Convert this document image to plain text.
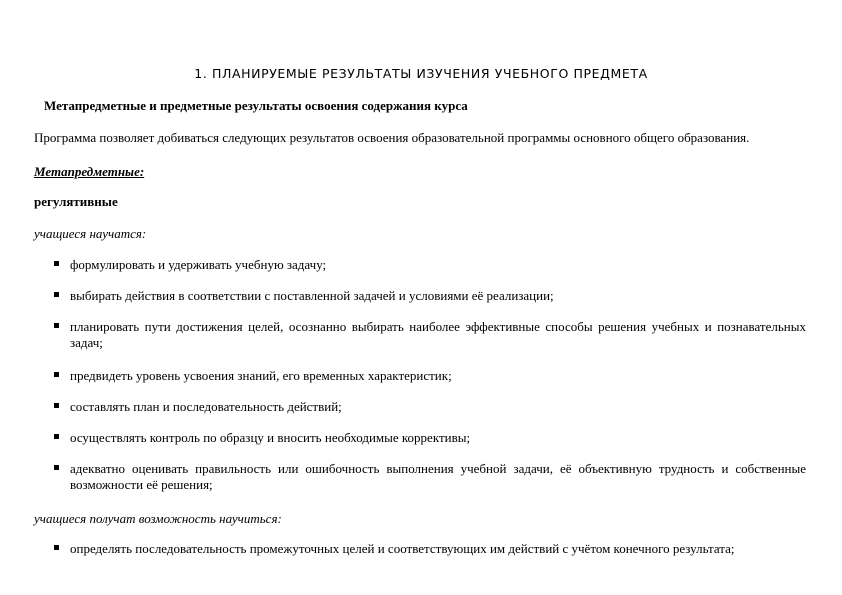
1. ПЛАНИРУЕМЫЕ РЕЗУЛЬТАТЫ ИЗУЧЕНИЯ УЧЕБНОГО ПРЕДМЕТА
Метапредметные и предметные результаты освоения содержания курса
Программа позволяет добиваться следующих результатов освоения образовательной программы основного общего образования.
Метапредметные:
регулятивные
учащиеся научатся:
формулировать и удерживать учебную задачу;
выбирать действия в соответствии с поставленной задачей и условиями её реализации;
планировать пути достижения целей, осознанно выбирать наиболее эффективные способы решения учебных и познавательных задач;
предвидеть уровень усвоения знаний, его временных характеристик;
составлять план и последовательность действий;
осуществлять контроль по образцу и вносить необходимые коррективы;
адекватно оценивать правильность или ошибочность выполнения учебной задачи, её объективную трудность и собственные возможности её решения;
учащиеся получат возможность научиться:
определять последовательность промежуточных целей и соответствующих им действий с учётом конечного результата;
